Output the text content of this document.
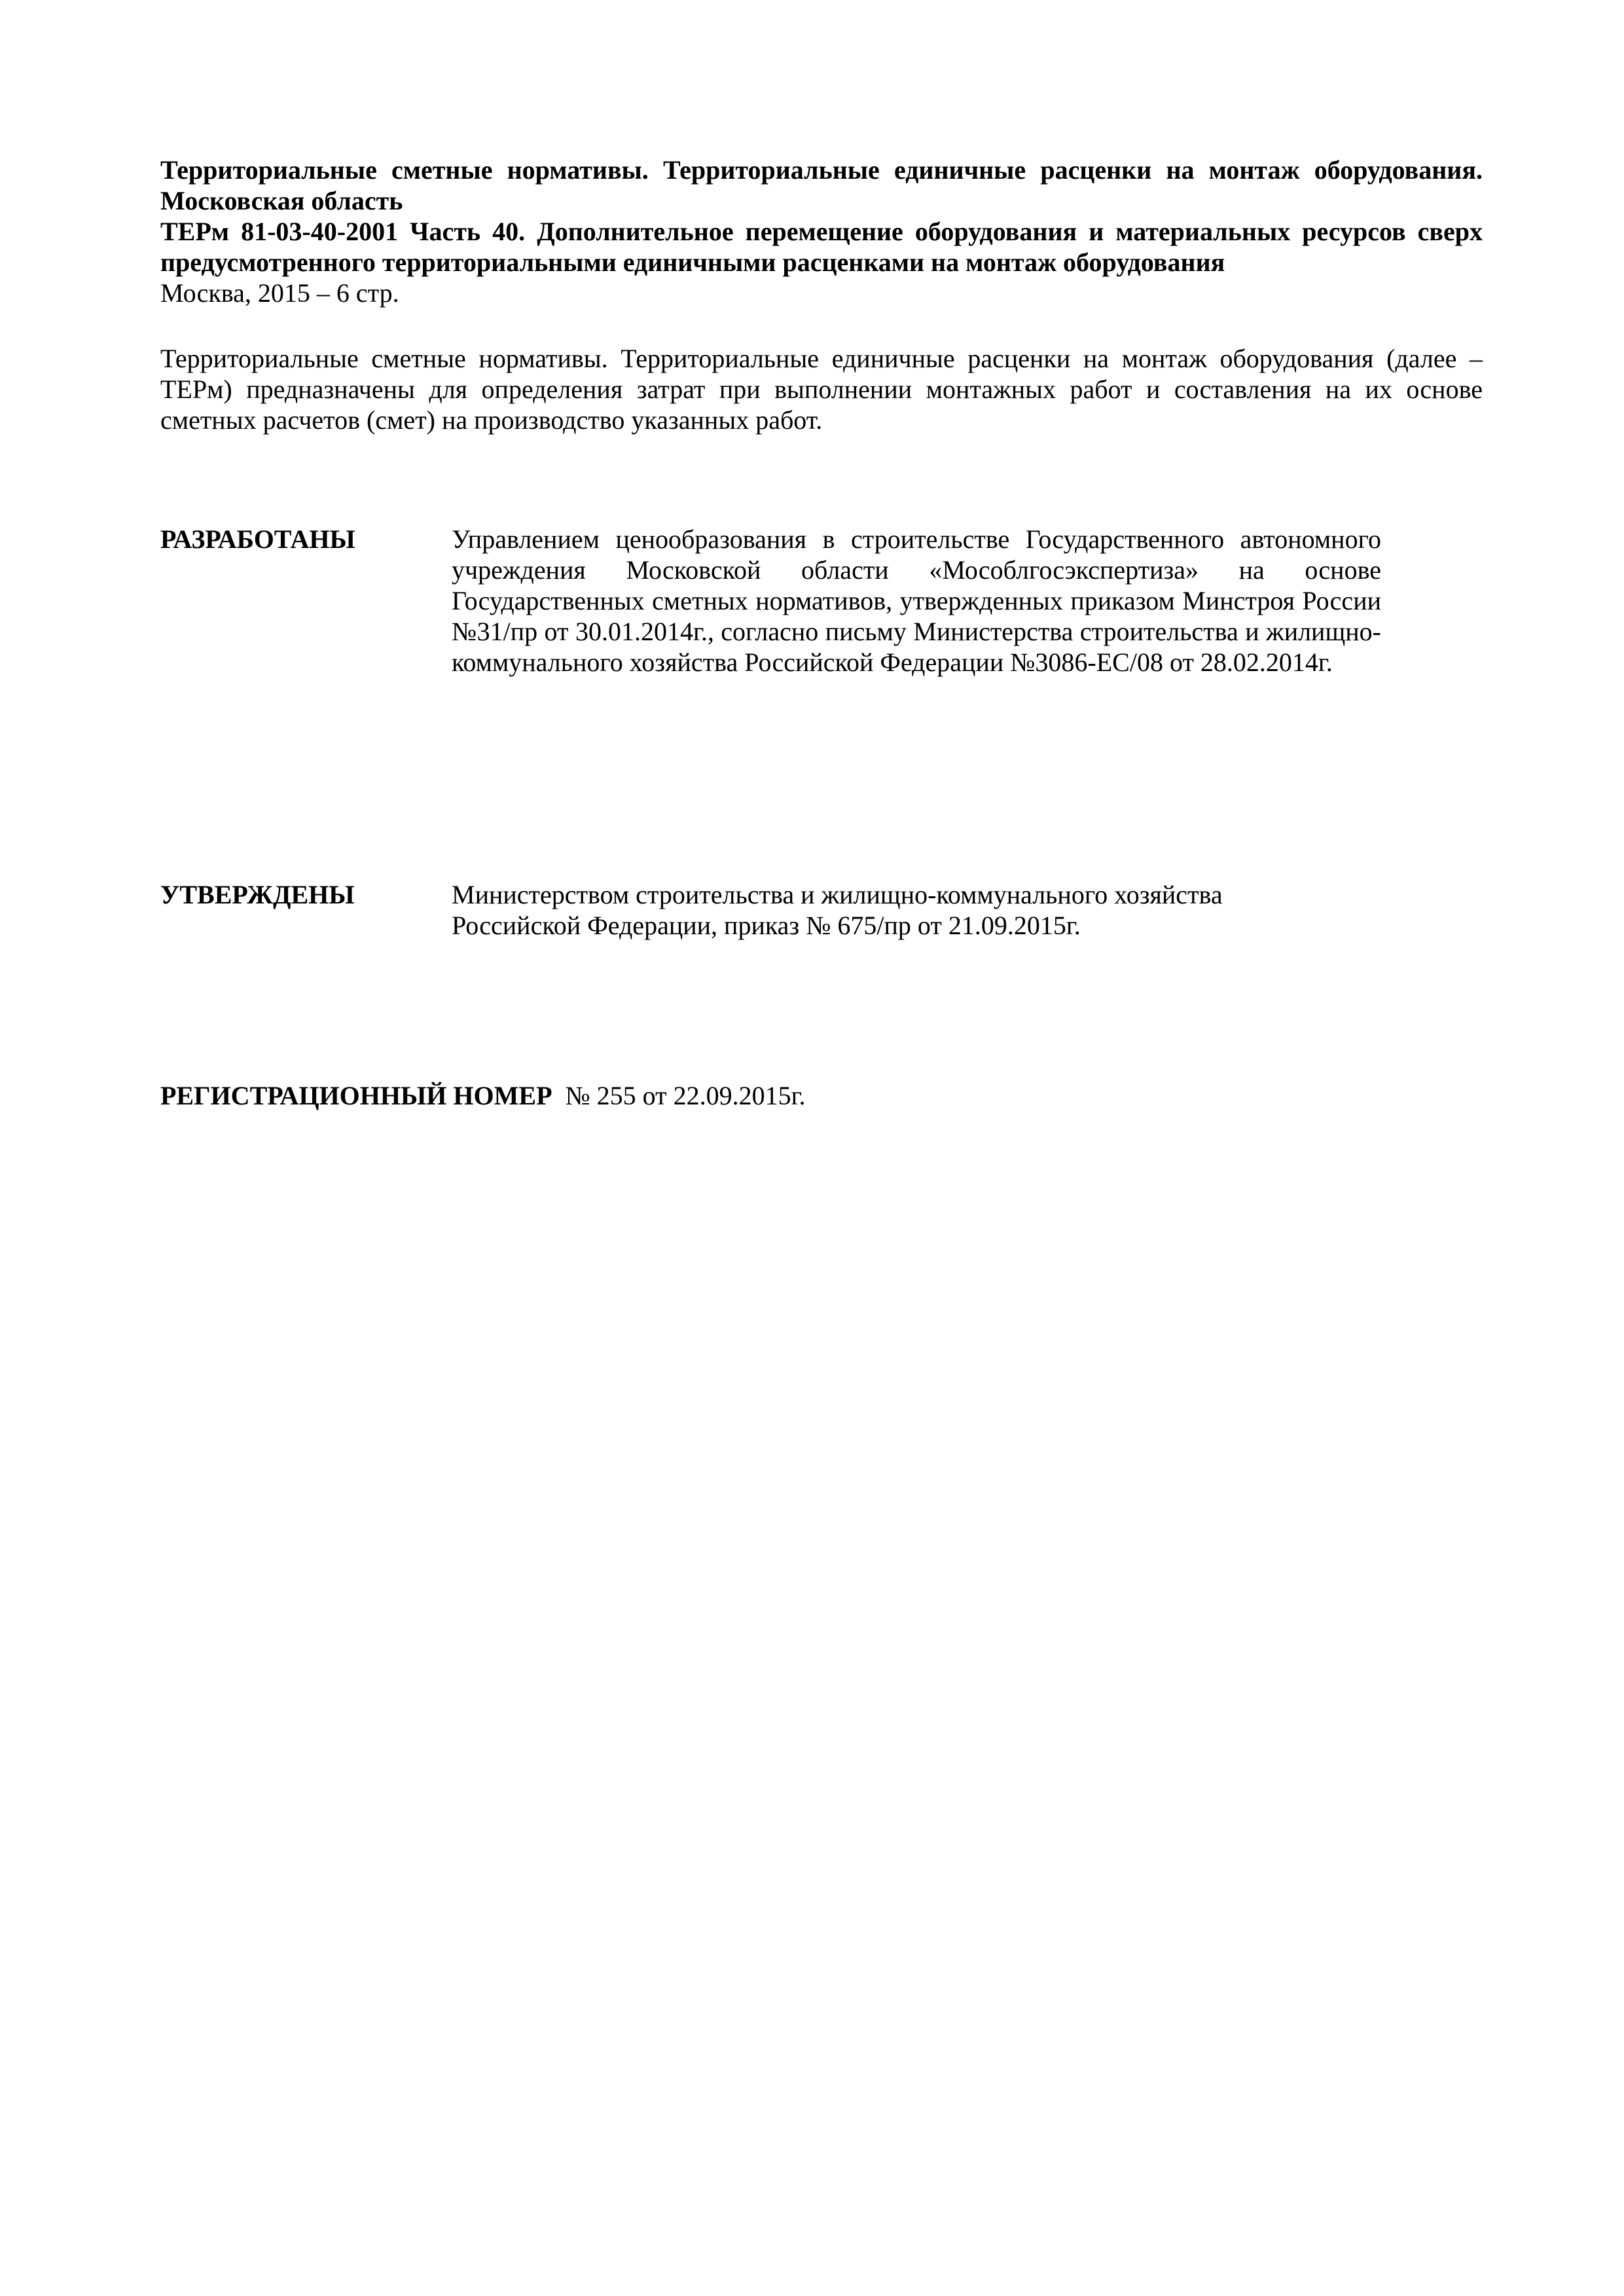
Территориальные сметные нормативы. Территориальные единичные расценки на монтаж оборудования. Московская область

ТЕРм 81-03-40-2001 Часть 40. Дополнительное перемещение оборудования и материальных ресурсов сверх предусмотренного территориальными единичными расценками на монтаж оборудования

Москва, 2015 – 6 стр.

Территориальные сметные нормативы. Территориальные единичные расценки на монтаж оборудования (далее – ТЕРм) предназначены для определения затрат при выполнении монтажных работ и составления на их основе сметных расчетов (смет) на производство указанных работ.

РАЗРАБОТАНЫ	Управлением ценообразования в строительстве Государственного автономного учреждения Московской области «Мособлгосэкспертиза» на основе Государственных сметных нормативов, утвержденных приказом Минстроя России №31/пр от 30.01.2014г., согласно письму Министерства строительства и жилищно-коммунального хозяйства Российской Федерации №3086-ЕС/08 от 28.02.2014г.
УТВЕРЖДЕНЫ	Министерством строительства и жилищно-коммунального хозяйства
Российской Федерации, приказ № 675/пр от 21.09.2015г.
РЕГИСТРАЦИОННЫЙ НОМЕР № 255 от 22.09.2015г.
